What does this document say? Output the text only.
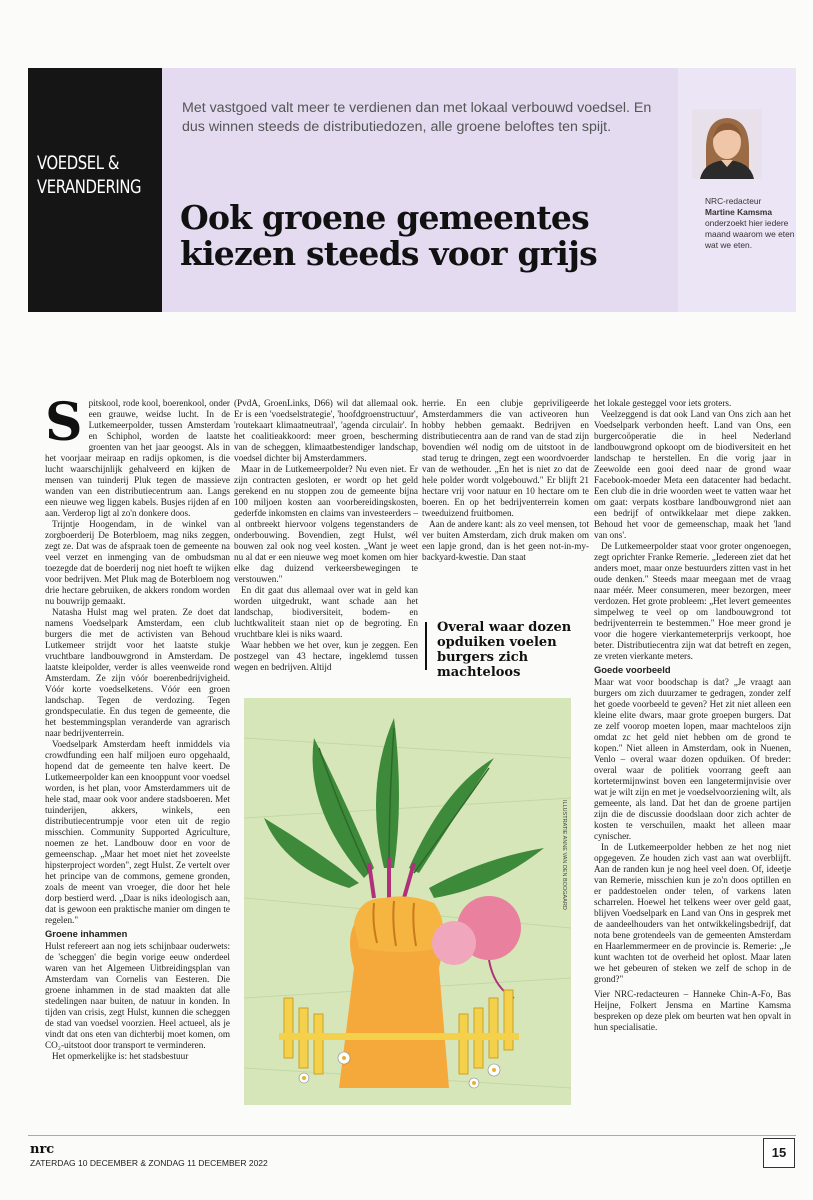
VOEDSEL &
VERANDERING
Met vastgoed valt meer te verdienen dan met lokaal verbouwd voedsel. En dus winnen steeds de distributiedozen, alle groene beloftes ten spijt.
Ook groene gemeentes kiezen steeds voor grijs
NRC-redacteur
Martine Kamsma
onderzoekt hier iedere maand waarom we eten wat we eten.

Spitskool, rode kool, boerenkool, onder een grauwe, weidse lucht. In de Lutkemeerpolder, tussen Amsterdam en Schiphol, worden de laatste groenten van het jaar geoogst. Als in het voorjaar meiraap en radijs opkomen, is die lucht waarschijnlijk gehalveerd en kijken de mensen van tuinderij Pluk tegen de massieve wanden van een distributiecentrum aan. Langs een nieuwe weg liggen kabels. Busjes rijden af en aan. Verderop ligt al zo'n donkere doos.

Trijntje Hoogendam, in de winkel van zorgboerderij De Boterbloem, mag niks zeggen, zegt ze. Dat was de afspraak toen de gemeente na veel verzet en inmenging van de ombudsman toezegde dat de boerderij nog niet hoeft te wijken voor bedrijven. Met Pluk mag de Boterbloem nog drie hectare gebruiken, de akkers rondom worden nu bouwrijp gemaakt.

Natasha Hulst mag wel praten. Ze doet dat namens Voedselpark Amsterdam, een club burgers die met de activisten van Behoud Lutkemeer strijdt voor het laatste stukje vruchtbare landbouwgrond in Amsterdam. De laatste kleipolder, verder is alles veenweide rond Amsterdam. Ze zijn vóór boerenbedrijvigheid. Vóór korte voedselketens. Vóór een groen landschap. Tegen de verdozing. Tegen grondspeculatie. En dus tegen de gemeente, die het bestemmingsplan veranderde van agrarisch naar bedrijventerrein.

Voedselpark Amsterdam heeft inmiddels via crowdfunding een half miljoen euro opgehaald, hopend dat de gemeente ten halve keert. De Lutkemeerpolder kan een knooppunt voor voedsel worden, is het plan, voor Amsterdammers uit de hele stad, maar ook voor andere stadsboeren. Met tuinderijen, akkers, winkels, een distributiecentrumpje voor eten uit de regio misschien. Community Supported Agriculture, noemen ze het. Landbouw door en voor de gemeenschap. „Maar het moet niet het zoveelste hipsterproject worden", zegt Hulst. Ze vertelt over het principe van de commons, gemene gronden, zoals de meent van vroeger, die door het hele dorp bestierd werd. „Daar is niks ideologisch aan, dat is gewoon een praktische manier om dingen te regelen."

Groene inhammen

Hulst refereert aan nog iets schijnbaar ouderwets: de 'scheggen' die begin vorige eeuw onderdeel waren van het Algemeen Uitbreidingsplan van Amsterdam van Cornelis van Eesteren. Die groene inhammen in de stad maakten dat alle stedelingen naar buiten, de natuur in konden. In tijden van crisis, zegt Hulst, kunnen die scheggen de stad van voedsel voorzien. Heel actueel, als je vindt dat ons eten van dichterbij moet komen, om CO₂-uitstoot door transport te verminderen.

Het opmerkelijke is: het stadsbestuur

(PvdA, GroenLinks, D66) wil dat allemaal ook. Er is een 'voedselstrategie', 'hoofdgroenstructuur', 'routekaart klimaatneutraal', 'agenda circulair'. In het coalitieakkoord: meer groen, bescherming van de scheggen, klimaatbestendiger landschap, voedsel dichter bij Amsterdammers.

Maar in de Lutkemeerpolder? Nu even niet. Er zijn contracten gesloten, er wordt op het geld gerekend en nu stoppen zou de gemeente bijna 100 miljoen kosten aan voorbereidingskosten, gederfde inkomsten en claims van investeerders – al ontbreekt hiervoor volgens tegenstanders de onderbouwing. Bovendien, zegt Hulst, wél bouwen zal ook nog veel kosten. „Want je weet nu al dat er een nieuwe weg moet komen om hier elke dag duizend verkeersbewegingen te verstouwen."

En dit gaat dus allemaal over wat in geld kan worden uitgedrukt, want schade aan het landschap, biodiversiteit, bodem- en luchtkwaliteit staan niet op de begroting. En vruchtbare klei is niks waard.

Waar hebben we het over, kun je zeggen. Een postzegel van 43 hectare, ingeklemd tussen wegen en bedrijven. Altijd

herrie. En een clubje gepriviligeerde Amsterdammers die van activeoren hun hobby hebben gemaakt. Bedrijven en distributiecentra aan de rand van de stad zijn bovendien wél nodig om de uitstoot in de stad terug te dringen, zegt een woordvoerder van de wethouder. „En het is niet zo dat de hele polder wordt volgebouwd." Er blijft 21 hectare vrij voor natuur en 10 hectare om te boeren. En op het bedrijventerrein komen tweeduizend fruitbomen.

Aan de andere kant: als zo veel mensen, tot ver buiten Amsterdam, zich druk maken om een lapje grond, dan is het geen not-in-my-backyard-kwestie. Dan staat

Overal waar dozen opduiken voelen burgers zich machteloos
ILLUSTRATIE ANNE VAN DEN BOOGAARD

het lokale gesteggel voor iets groters.

Veelzeggend is dat ook Land van Ons zich aan het Voedselpark verbonden heeft. Land van Ons, een burgercoöperatie die in heel Nederland landbouwgrond opkoopt om de biodiversiteit en het landschap te herstellen. En die vorig jaar in Zeewolde een gooi deed naar de grond waar Facebook-moeder Meta een datacenter had bedacht. Een club die in drie woorden weet te vatten waar het om gaat: verpats kostbare landbouwgrond niet aan een bedrijf of ontwikkelaar met diepe zakken. Behoud het voor de gemeenschap, maak het 'land van ons'.

De Lutkemeerpolder staat voor groter ongenoegen, zegt oprichter Franke Remerie. „Iedereen ziet dat het anders moet, maar onze bestuurders zitten vast in het oude denken." Steeds maar meegaan met de vraag naar méér. Meer consumeren, meer bezorgen, meer verdozen. Het grote probleem: „Het levert gemeentes simpelweg te veel op om landbouwgrond tot bedrijventerrein te bestemmen." Hoe meer grond je voor die hogere vierkantemeterprijs verkoopt, hoe beter. Distributiecentra zijn wat dat betreft en zegen, ze vreten vierkante meters.

Goede voorbeeld

Maar wat voor boodschap is dat? „Je vraagt aan burgers om zich duurzamer te gedragen, zonder zelf het goede voorbeeld te geven? Het zit niet alleen een kleine elite dwars, maar grote groepen burgers. Dat ze zelf voorop moeten lopen, maar machteloos zijn omdat zc het geld niet hebben om de grond te kopen." Niet alleen in Amsterdam, ook in Nuenen, Venlo – overal waar dozen opduiken. Of breder: overal waar de politiek voorrang geeft aan kortetermijnwinst boven een langetermijnvisie over wat je wilt zijn en met je voedselvoorziening wilt, als gemeente, als land. Dat het dan de groene partijen zijn die de discussie doodslaan door zich achter de kosten te verschuilen, maakt het alleen maar cynischer.

In de Lutkemeerpolder hebben ze het nog niet opgegeven. Ze houden zich vast aan wat overblijft. Aan de randen kun je nog heel veel doen. Of, ideetje van Remerie, misschien kun je zo'n doos optillen en er paddestoelen onder telen, of varkens laten scharrelen. Hoewel het telkens weer over geld gaat, blijven Voedselpark en Land van Ons in gesprek met de aandeelhouders van het ontwikkelingsbedrijf, dat nota bene grotendeels van de gemeenten Amsterdam en Haarlemmermeer en de provincie is. Remerie: „Je kunt wachten tot de overheid het oplost. Maar laten we het gebeuren of steken we zelf de schop in de grond?"

Vier NRC-redacteuren – Hanneke Chin-A-Fo, Bas Heijne, Folkert Jensma en Martine Kamsma bespreken op deze plek om beurten wat hen opvalt in hun specialisatie.

nrc
ZATERDAG 10 DECEMBER & ZONDAG 11 DECEMBER 2022
15
